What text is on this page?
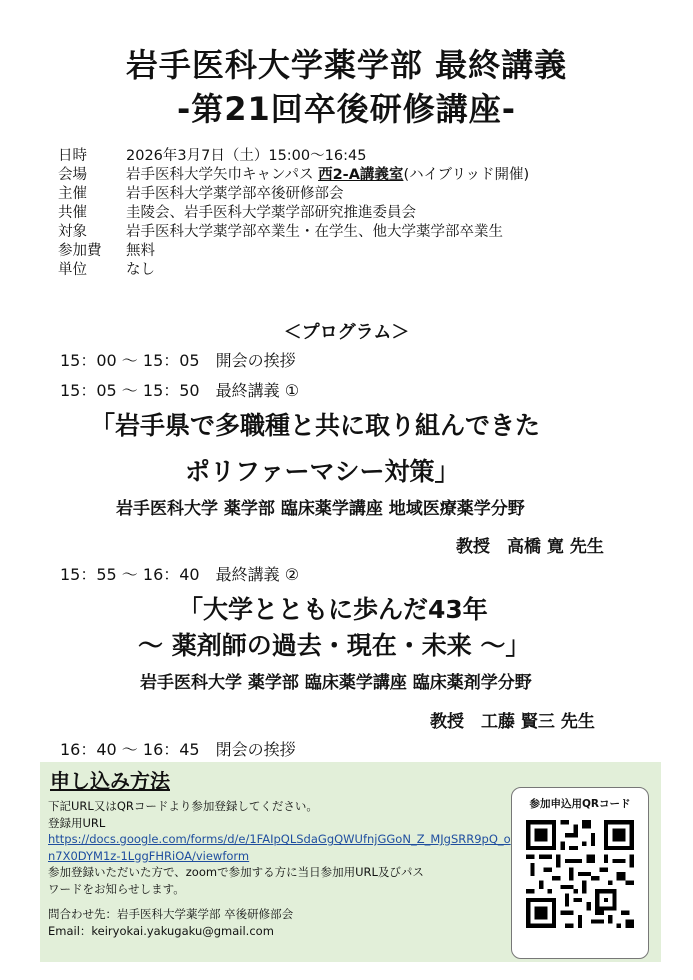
岩手医科大学薬学部 最終講義
-第21回卒後研修講座-
日時	2026年3月7日（土）15:00～16:45
会場	岩手医科大学矢巾キャンパス 西2-A講義室(ハイブリッド開催)
主催	岩手医科大学薬学部卒後研修部会
共催	圭陵会、岩手医科大学薬学部研究推進委員会
対象	岩手医科大学薬学部卒業生・在学生、他大学薬学部卒業生
参加費	無料
単位	なし
＜プログラム＞
15：00 ～ 15：05　開会の挨拶
15：05 ～ 15：50　最終講義 ①
「岩手県で多職種と共に取り組んできた
ポリファーマシー対策」
岩手医科大学 薬学部 臨床薬学講座 地域医療薬学分野
教授　高橋 寛 先生
15：55 ～ 16：40　最終講義 ②
「大学とともに歩んだ43年
～ 薬剤師の過去・現在・未来 ～」
岩手医科大学 薬学部 臨床薬学講座 臨床薬剤学分野
教授　工藤 賢三 先生
16：40 ～ 16：45　閉会の挨拶
申し込み方法
下記URL又はQRコードより参加登録してください。
登録用URL
https://docs.google.com/forms/d/e/1FAIpQLSdaGgQWUfnjGGoN_Z_MJgSRR9pQ_o
n7X0DYM1z-1LggFHRiOA/viewform
参加登録いただいた方で、zoomで参加する方に当日参加用URL及びパス
ワードをお知らせします。
問合わせ先：岩手医科大学薬学部 卒後研修部会
Email：keiryokai.yakugaku@gmail.com
参加申込用QRコード
